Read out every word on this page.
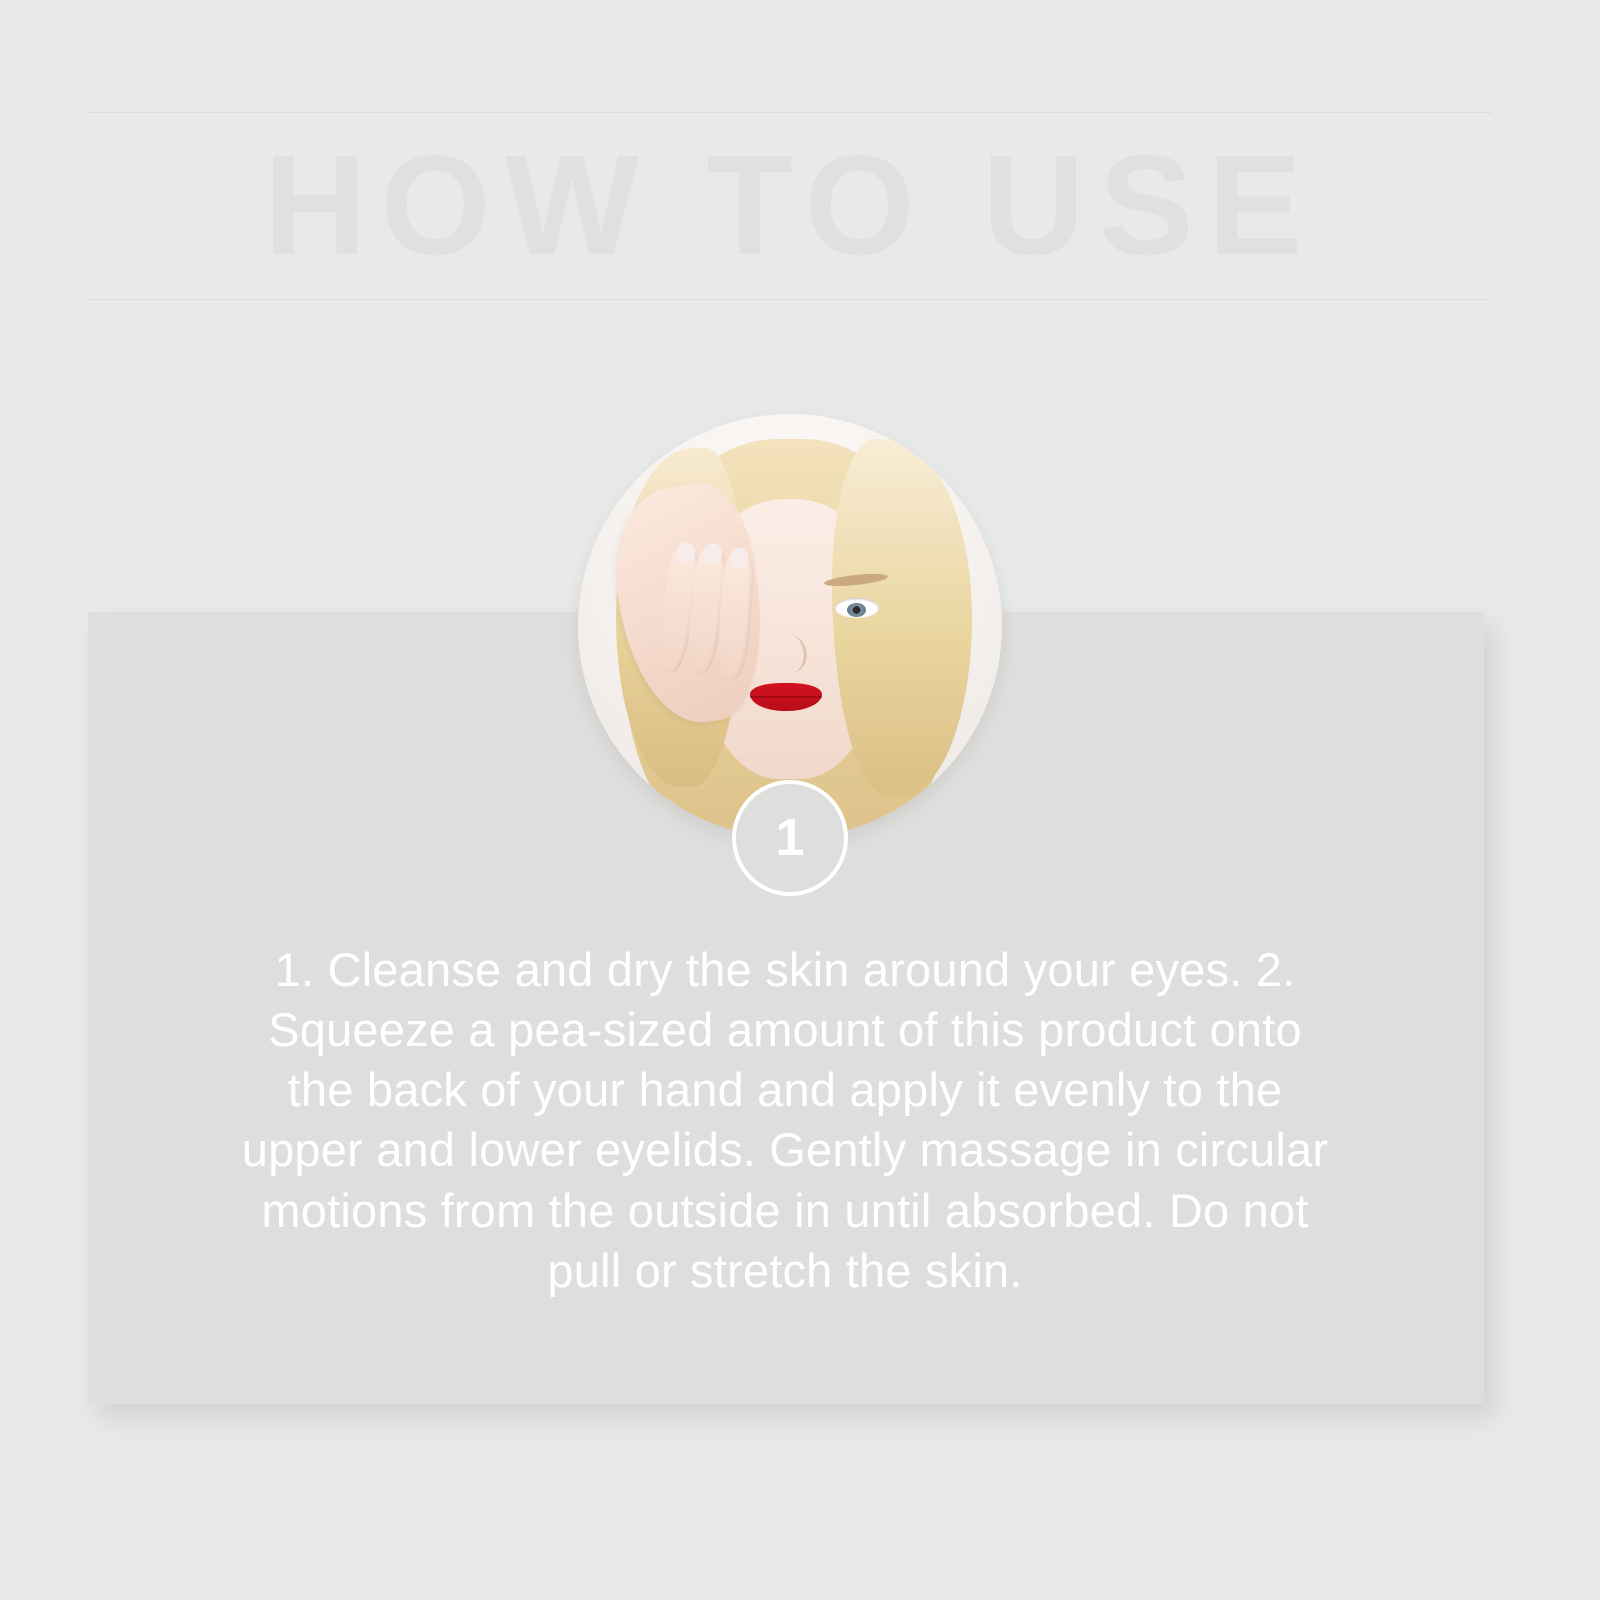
HOW TO USE
1

1. Cleanse and dry the skin around your eyes. 2. Squeeze a pea-sized amount of this product onto the back of your hand and apply it evenly to the upper and lower eyelids. Gently massage in circular motions from the outside in until absorbed. Do not pull or stretch the skin.
